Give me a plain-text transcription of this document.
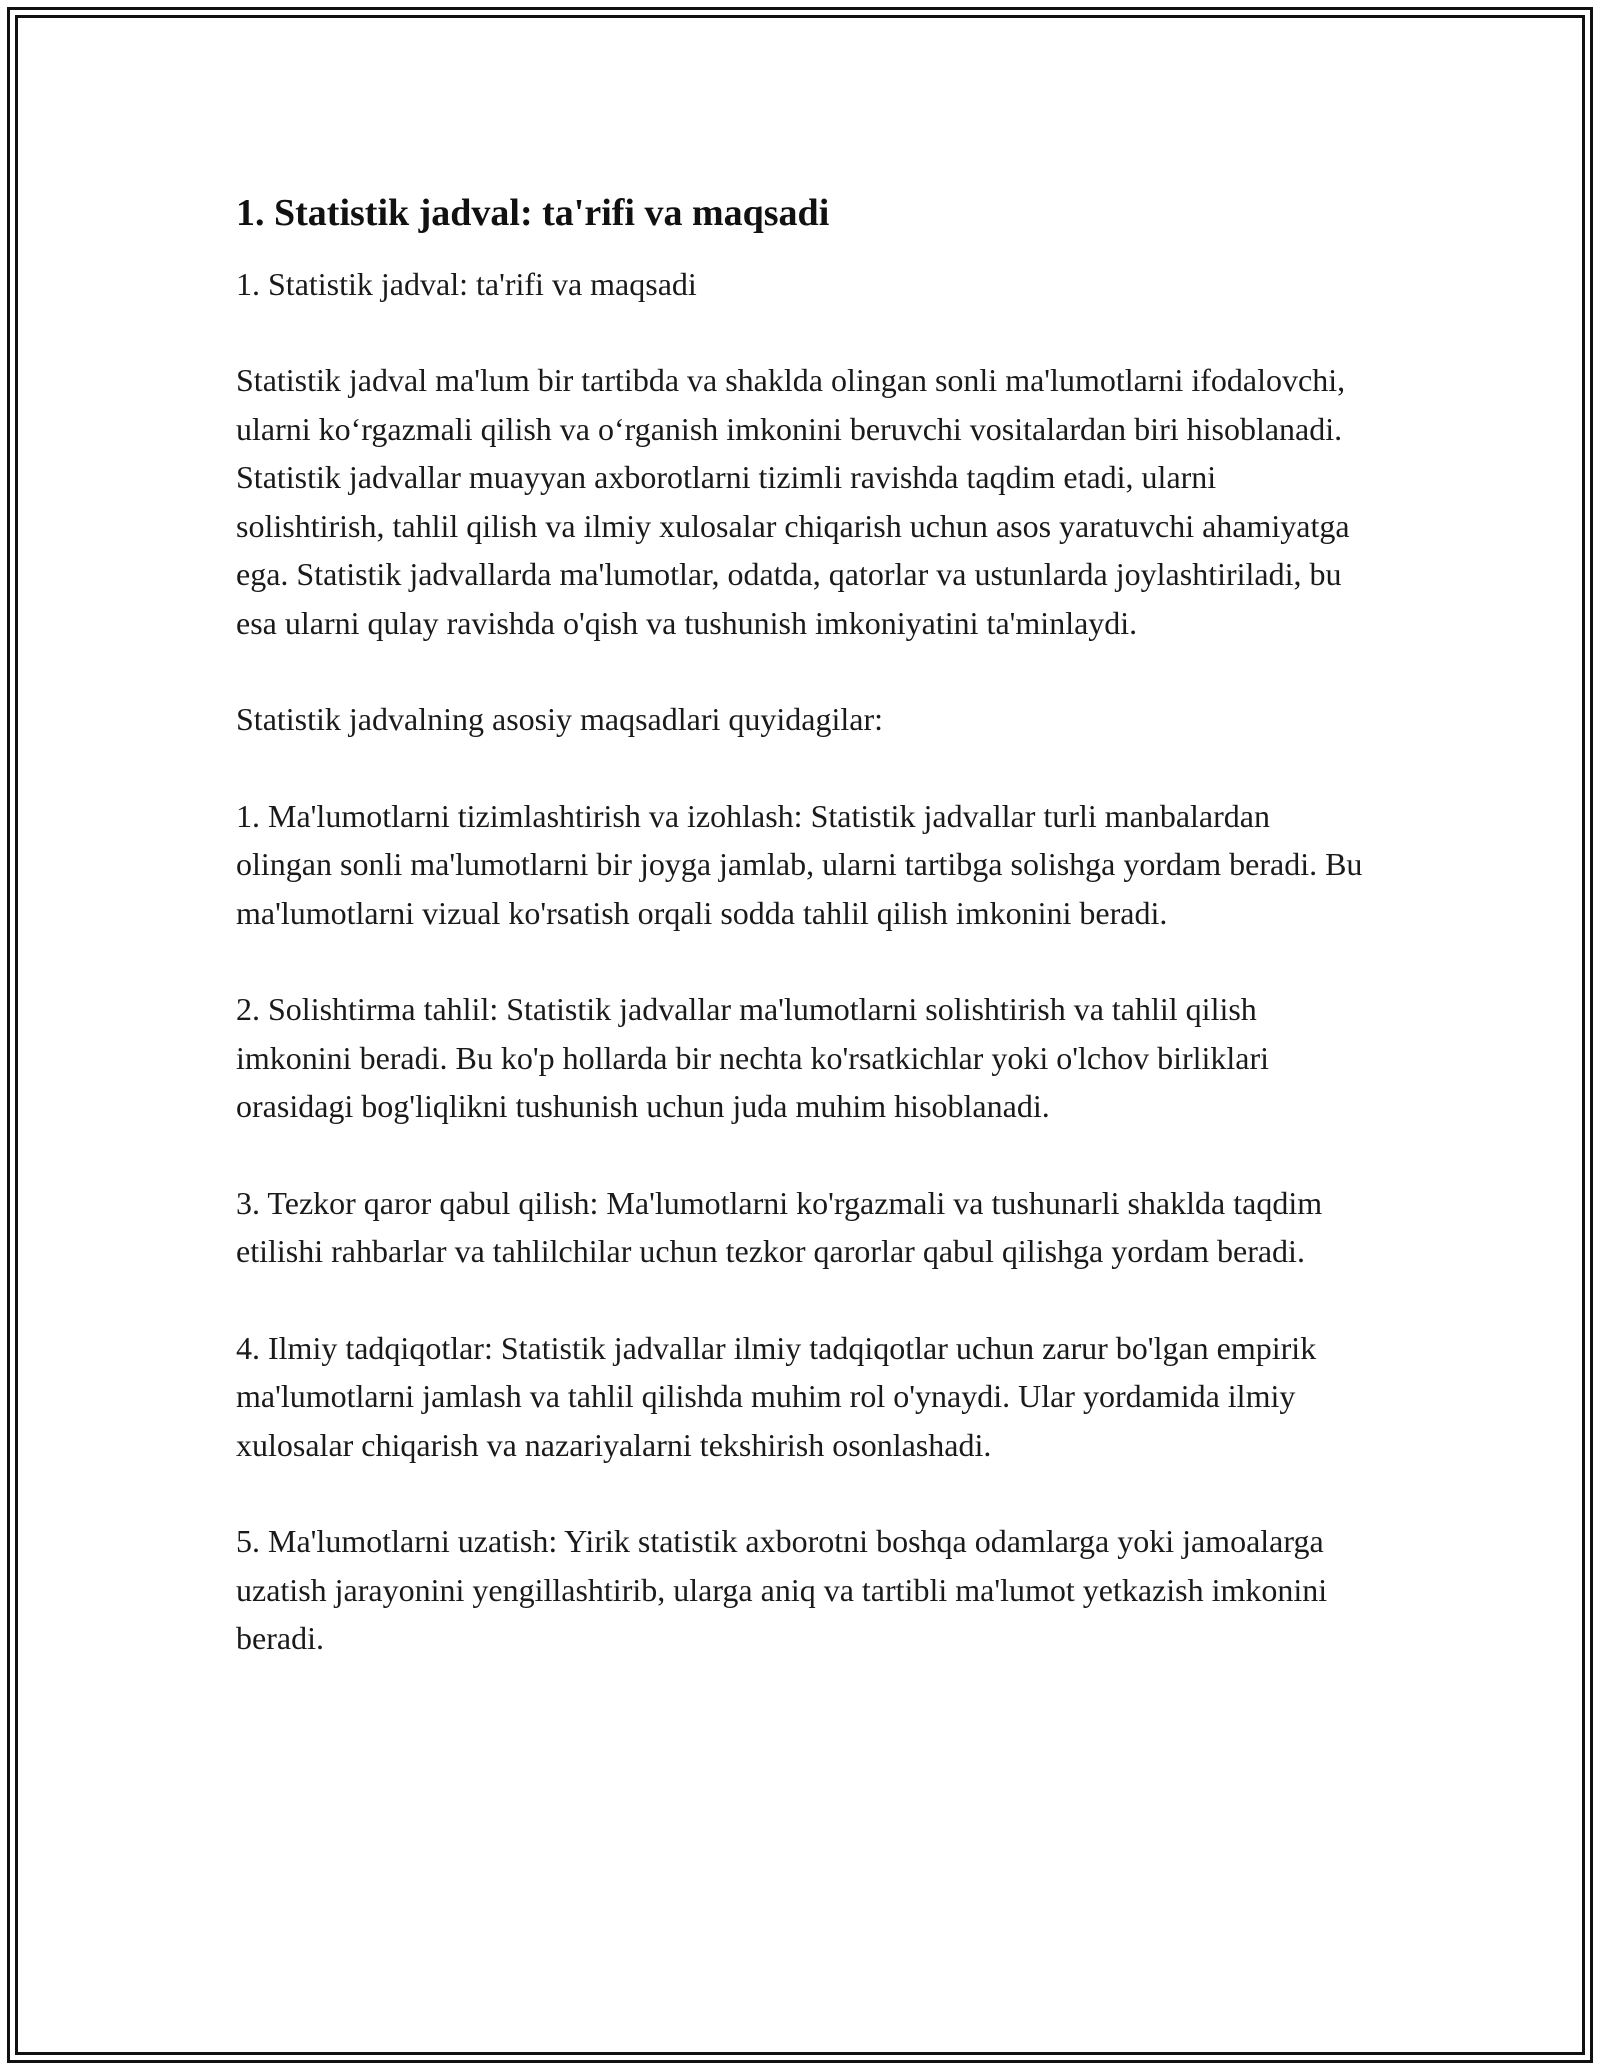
1. Statistik jadval: ta'rifi va maqsadi

1. Statistik jadval: ta'rifi va maqsadi

Statistik jadval ma'lum bir tartibda va shaklda olingan sonli ma'lumotlarni ifodalovchi, ularni ko‘rgazmali qilish va o‘rganish imkonini beruvchi vositalardan biri hisoblanadi. Statistik jadvallar muayyan axborotlarni tizimli ravishda taqdim etadi, ularni solishtirish, tahlil qilish va ilmiy xulosalar chiqarish uchun asos yaratuvchi ahamiyatga ega. Statistik jadvallarda ma'lumotlar, odatda, qatorlar va ustunlarda joylashtiriladi, bu esa ularni qulay ravishda o'qish va tushunish imkoniyatini ta'minlaydi.

Statistik jadvalning asosiy maqsadlari quyidagilar:

1. Ma'lumotlarni tizimlashtirish va izohlash: Statistik jadvallar turli manbalardan olingan sonli ma'lumotlarni bir joyga jamlab, ularni tartibga solishga yordam beradi. Bu ma'lumotlarni vizual ko'rsatish orqali sodda tahlil qilish imkonini beradi.

2. Solishtirma tahlil: Statistik jadvallar ma'lumotlarni solishtirish va tahlil qilish imkonini beradi. Bu ko'p hollarda bir nechta ko'rsatkichlar yoki o'lchov birliklari orasidagi bog'liqlikni tushunish uchun juda muhim hisoblanadi.

3. Tezkor qaror qabul qilish: Ma'lumotlarni ko'rgazmali va tushunarli shaklda taqdim etilishi rahbarlar va tahlilchilar uchun tezkor qarorlar qabul qilishga yordam beradi.

4. Ilmiy tadqiqotlar: Statistik jadvallar ilmiy tadqiqotlar uchun zarur bo'lgan empirik ma'lumotlarni jamlash va tahlil qilishda muhim rol o'ynaydi. Ular yordamida ilmiy xulosalar chiqarish va nazariyalarni tekshirish osonlashadi.

5. Ma'lumotlarni uzatish: Yirik statistik axborotni boshqa odamlarga yoki jamoalarga uzatish jarayonini yengillashtirib, ularga aniq va tartibli ma'lumot yetkazish imkonini beradi.
